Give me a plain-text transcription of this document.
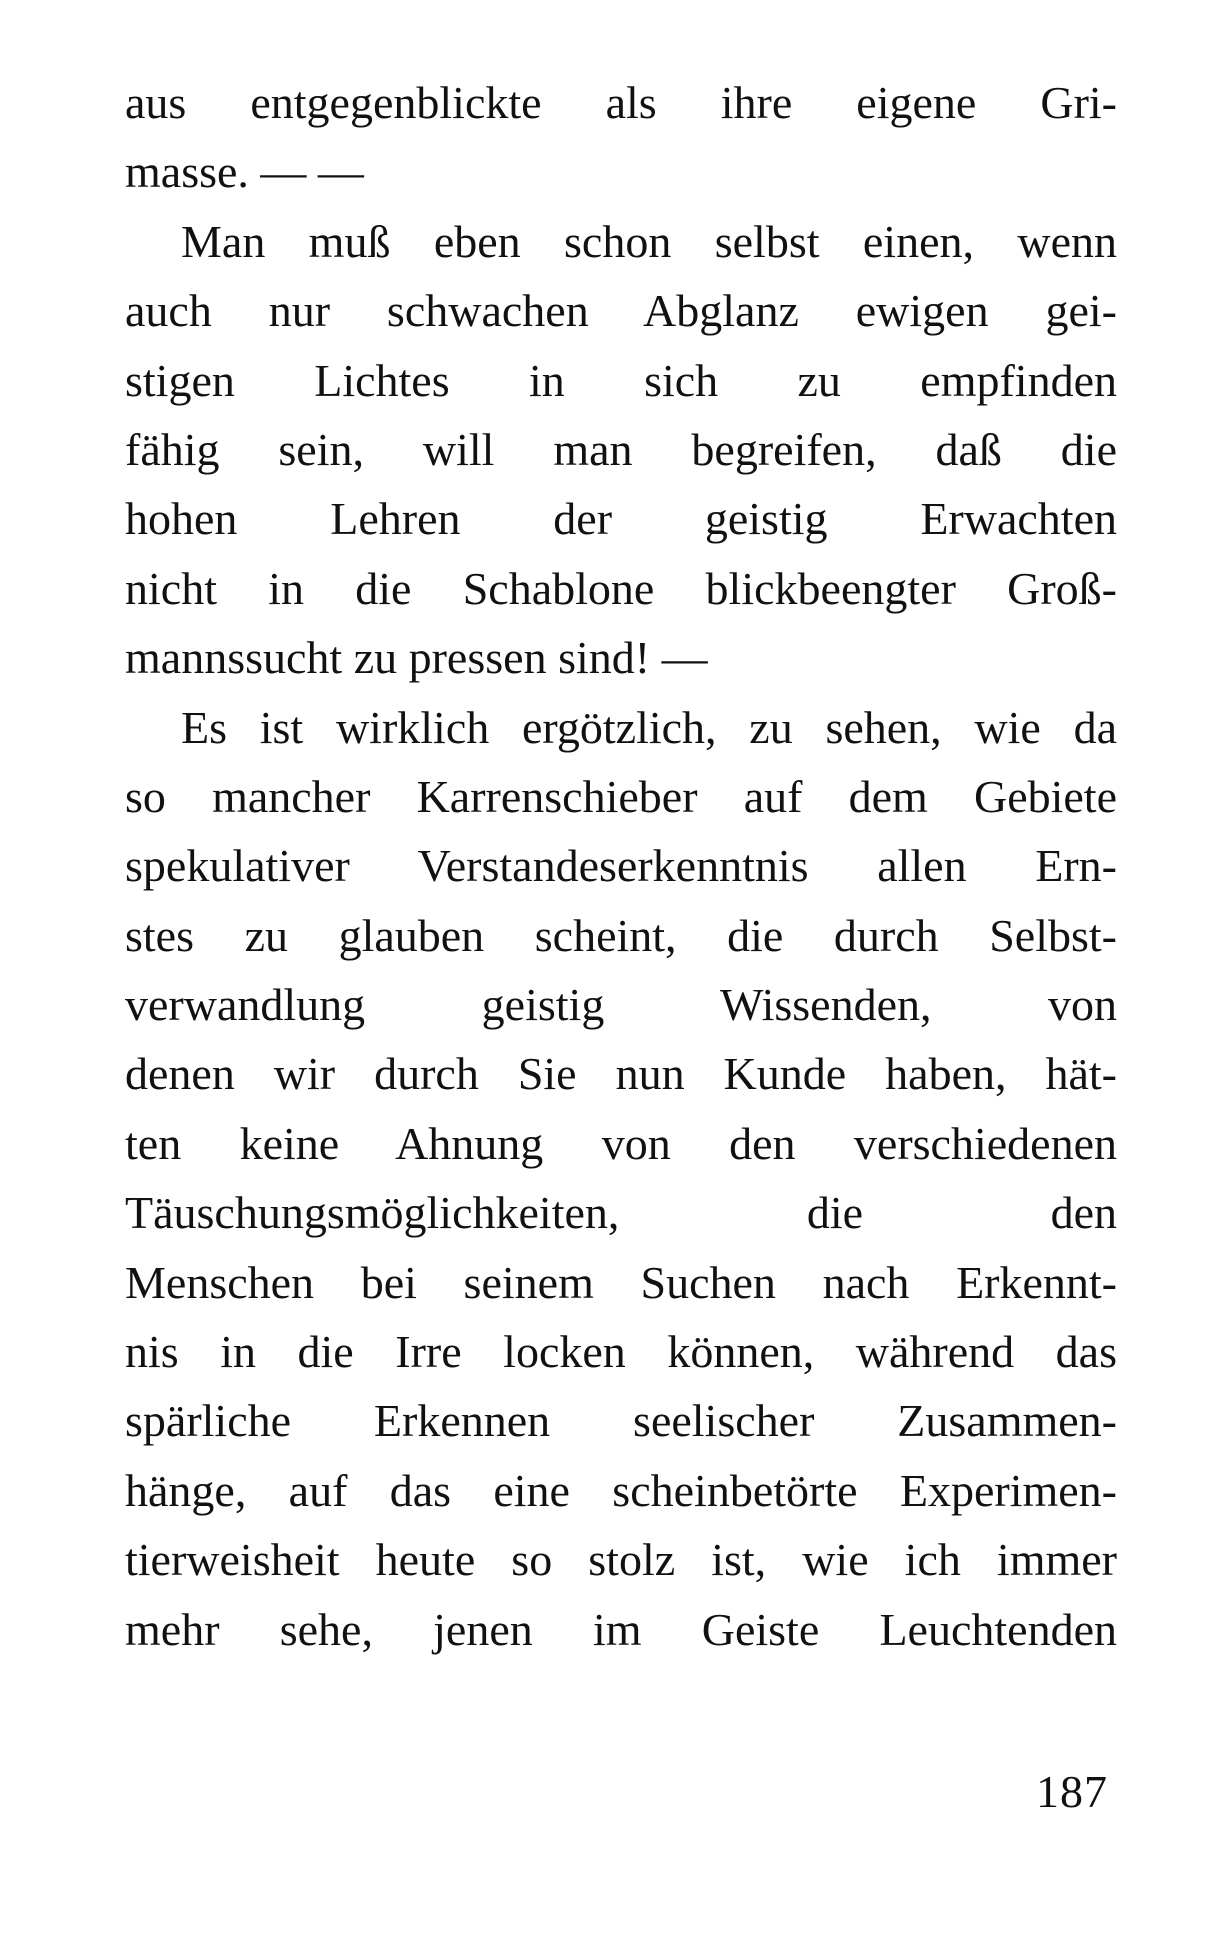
aus entgegenblickte als ihre eigene Gri-
masse. — —
Man muß eben schon selbst einen, wenn
auch nur schwachen Abglanz ewigen gei-
stigen Lichtes in sich zu empfinden
fähig sein, will man begreifen, daß die
hohen Lehren der geistig Erwachten
nicht in die Schablone blickbeengter Groß-
mannssucht zu pressen sind! —
Es ist wirklich ergötzlich, zu sehen, wie da
so mancher Karrenschieber auf dem Gebiete
spekulativer Verstandeserkenntnis allen Ern-
stes zu glauben scheint, die durch Selbst-
verwandlung geistig Wissenden, von
denen wir durch Sie nun Kunde haben, hät-
ten keine Ahnung von den verschiedenen
Täuschungsmöglichkeiten, die den
Menschen bei seinem Suchen nach Erkennt-
nis in die Irre locken können, während das
spärliche Erkennen seelischer Zusammen-
hänge, auf das eine scheinbetörte Experimen-
tierweisheit heute so stolz ist, wie ich immer
mehr sehe, jenen im Geiste Leuchtenden
187
